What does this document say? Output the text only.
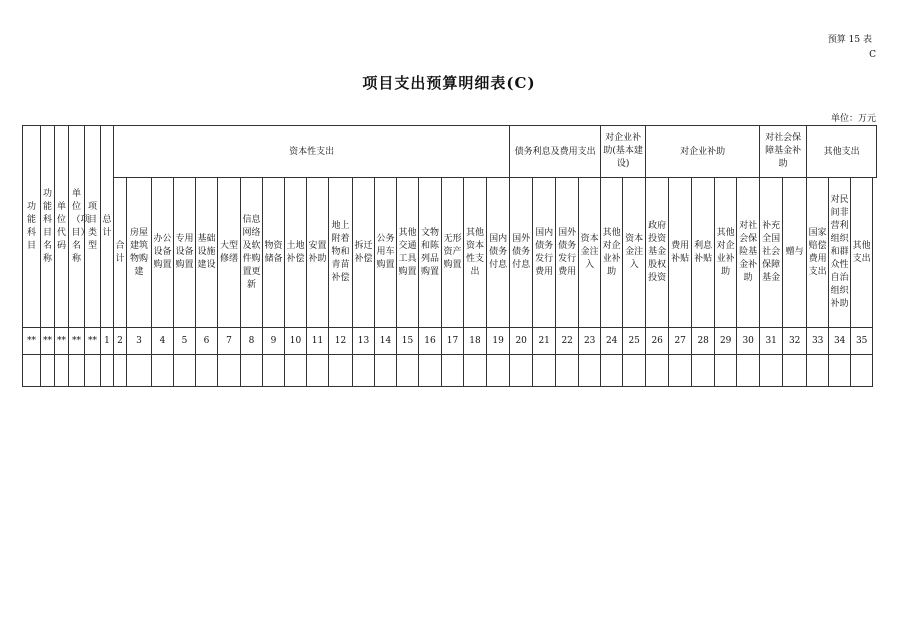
预算 15 表
C
项目支出预算明细表(C)
单位：万元
功能科目	功能科目名称	单位代码	单位（项目）名称	项目类型	总计	资本性支出																		债务利息及费用支出				对企业补助(基本建设)		对企业补助					对社会保障基金补助		其他支出		
						合计	房屋建筑物购建	办公设备购置	专用设备购置	基础设施建设	大型修缮	信息网络及软件购置更新	物资储备	土地补偿	安置补助	地上附着物和青苗补偿	拆迁补偿	公务用车购置	其他交通工具购置	文物和陈列品购置	无形资产购置	其他资本性支出	国内债务付息	国外债务付息	国内债务发行费用	国外债务发行费用	资本金注入	其他对企业补助	资本金注入	政府投资基金股权投资	费用补贴	利息补贴	其他对企业补助	对社会保险基金补助	补充全国社会保障基金	赠与	国家赔偿费用支出	对民间非营利组织和群众性自治组织补助	其他支出
**	**	**	**	**	1	2	3	4	5	6	7	8	9	10	11	12	13	14	15	16	17	18	19	20	21	22	23	24	25	26	27	28	29	30	31	32	33	34	35
